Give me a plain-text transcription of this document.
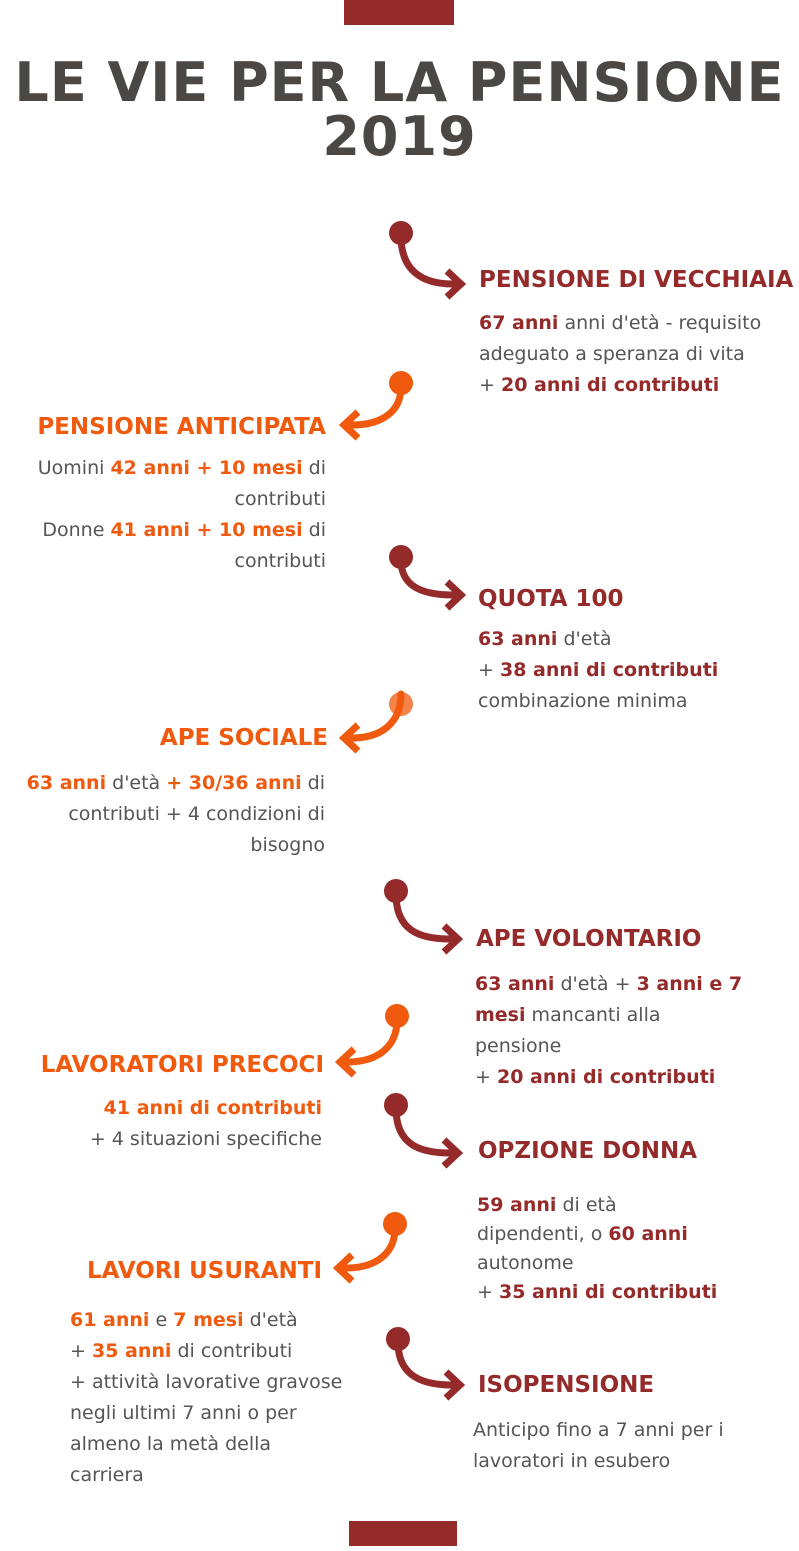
LE VIE PER LA PENSIONE
2019
PENSIONE DI VECCHIAIA
67 anni anni d'età - requisito
adeguato a speranza di vita
+ 20 anni di contributi
PENSIONE ANTICIPATA
Uomini 42 anni + 10 mesi di
contributi
Donne 41 anni + 10 mesi di
contributi
QUOTA 100
63 anni d'età
+ 38 anni di contributi
combinazione minima
APE SOCIALE
63 anni d'età + 30/36 anni di
contributi + 4 condizioni di
bisogno
APE VOLONTARIO
63 anni d'età + 3 anni e 7
mesi mancanti alla
pensione
+ 20 anni di contributi
LAVORATORI PRECOCI
41 anni di contributi
+ 4 situazioni specifiche	OPZIONE DONNA
59 anni di età
dipendenti, o 60 anni
autonome
+ 35 anni di contributi
LAVORI USURANTI
61 anni e 7 mesi d'età
+ 35 anni di contributi
+ attività lavorative gravose
negli ultimi 7 anni o per
almeno la metà della
carriera
ISOPENSIONE
Anticipo fino a 7 anni per i
lavoratori in esubero
